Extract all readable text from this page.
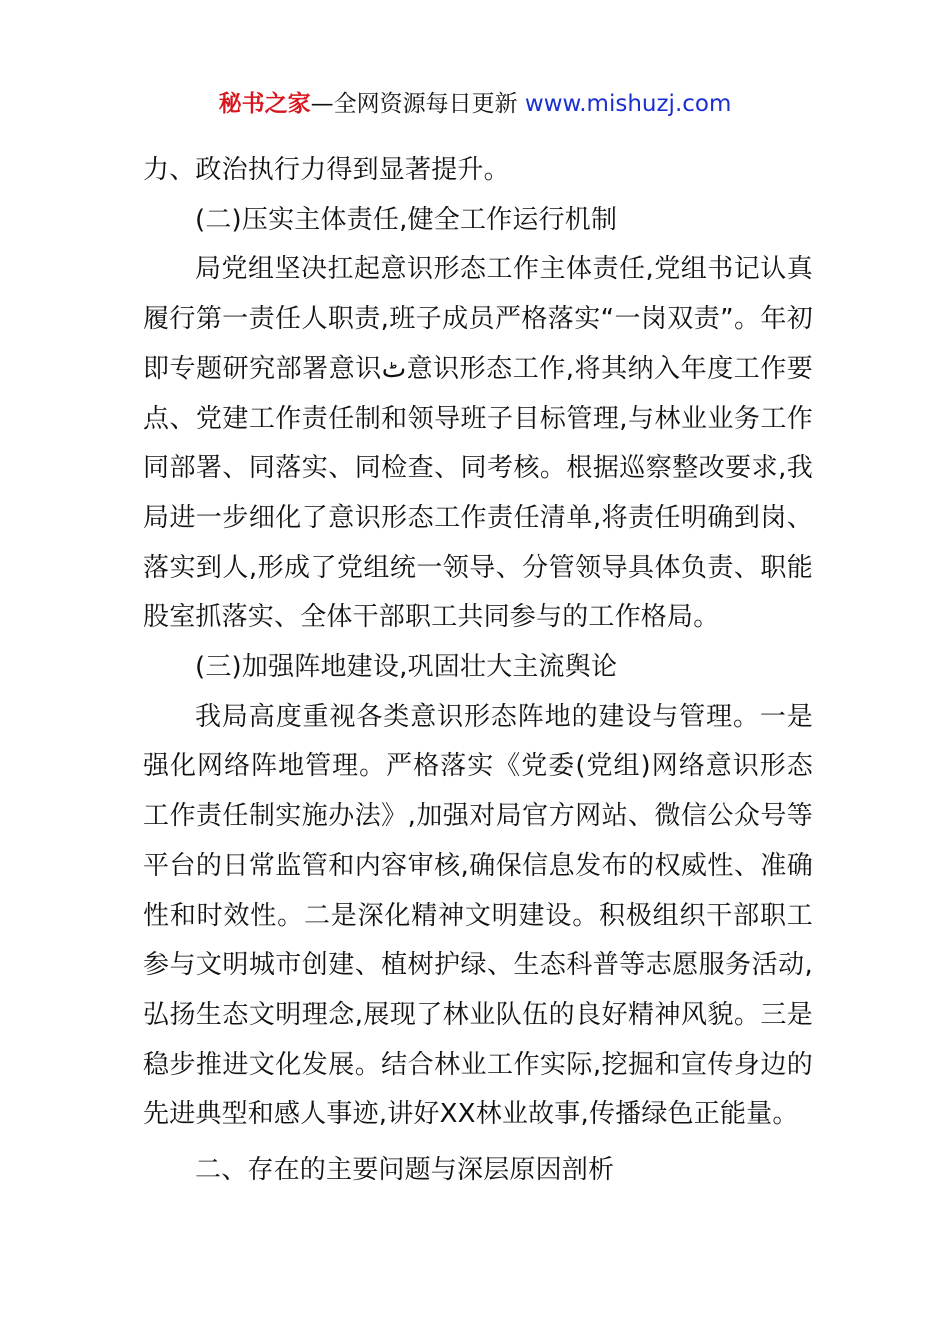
秘书之家—全网资源每日更新 www.mishuzj.com

力、政治执行力得到显著提升。

(二)压实主体责任,健全工作运行机制

局党组坚决扛起意识形态工作主体责任,党组书记认真履行第一责任人职责,班子成员严格落实“一岗双责”。年初即专题研究部署意识ٹ意识形态工作,将其纳入年度工作要点、党建工作责任制和领导班子目标管理,与林业业务工作同部署、同落实、同检查、同考核。根据巡察整改要求,我局进一步细化了意识形态工作责任清单,将责任明确到岗、落实到人,形成了党组统一领导、分管领导具体负责、职能股室抓落实、全体干部职工共同参与的工作格局。

(三)加强阵地建设,巩固壮大主流舆论

我局高度重视各类意识形态阵地的建设与管理。一是强化网络阵地管理。严格落实《党委(党组)网络意识形态工作责任制实施办法》,加强对局官方网站、微信公众号等平台的日常监管和内容审核,确保信息发布的权威性、准确性和时效性。二是深化精神文明建设。积极组织干部职工参与文明城市创建、植树护绿、生态科普等志愿服务活动,弘扬生态文明理念,展现了林业队伍的良好精神风貌。三是稳步推进文化发展。结合林业工作实际,挖掘和宣传身边的先进典型和感人事迹,讲好XX林业故事,传播绿色正能量。

二、存在的主要问题与深层原因剖析
